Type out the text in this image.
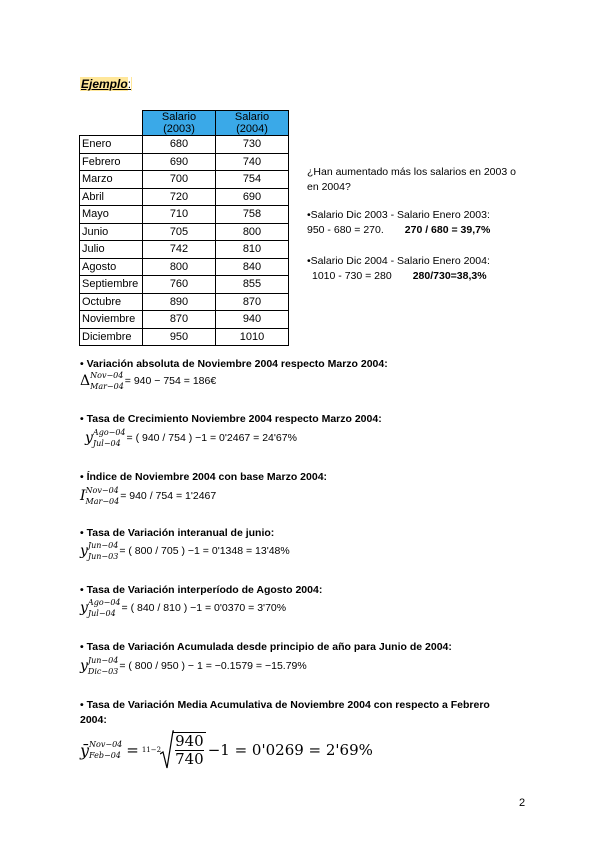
Ejemplo:
	Salario (2003)	Salario (2004)
Enero	680	730
Febrero	690	740
Marzo	700	754
Abril	720	690
Mayo	710	758
Junio	705	800
Julio	742	810
Agosto	800	840
Septiembre	760	855
Octubre	890	870
Noviembre	870	940
Diciembre	950	1010
¿Han aumentado más los salarios en 2003 o
en 2004?
•Salario Dic 2003 - Salario Enero 2003:
950 - 680 = 270. 270 / 680 = 39,7%
•Salario Dic 2004 - Salario Enero 2004:
1010 - 730 = 280 280/730=38,3%
• Variación absoluta de Noviembre 2004 respecto Marzo 2004:
Δ Nov−04
Mar−04 = 940 − 754 = 186€
• Tasa de Crecimiento Noviembre 2004 respecto Marzo 2004:
y Ago−04
Jul−04 = ( 940 / 754 ) −1 = 0'2467 = 24'67%
• Índice de Noviembre 2004 con base Marzo 2004:
I Nov−04
Mar−04 = 940 / 754 = 1'2467
• Tasa de Variación interanual de junio:
y Jun−04
Jun−03 = ( 800 / 705 ) −1 = 0'1348 = 13'48%
• Tasa de Variación interperíodo de Agosto 2004:
y Ago−04
Jul−04 = ( 840 / 810 ) −1 = 0'0370 = 3'70%
• Tasa de Variación Acumulada desde principio de año para Junio de 2004:
y Jun−04
Dic−03 = ( 800 / 950 ) − 1 = −0.1579 = −15.79%
• Tasa de Variación Media Acumulativa de Noviembre 2004 con respecto a Febrero
2004:
ȳ Nov−04
Feb−04 = 11−2 940
740 −1 = 0'0269 = 2'69%
2
